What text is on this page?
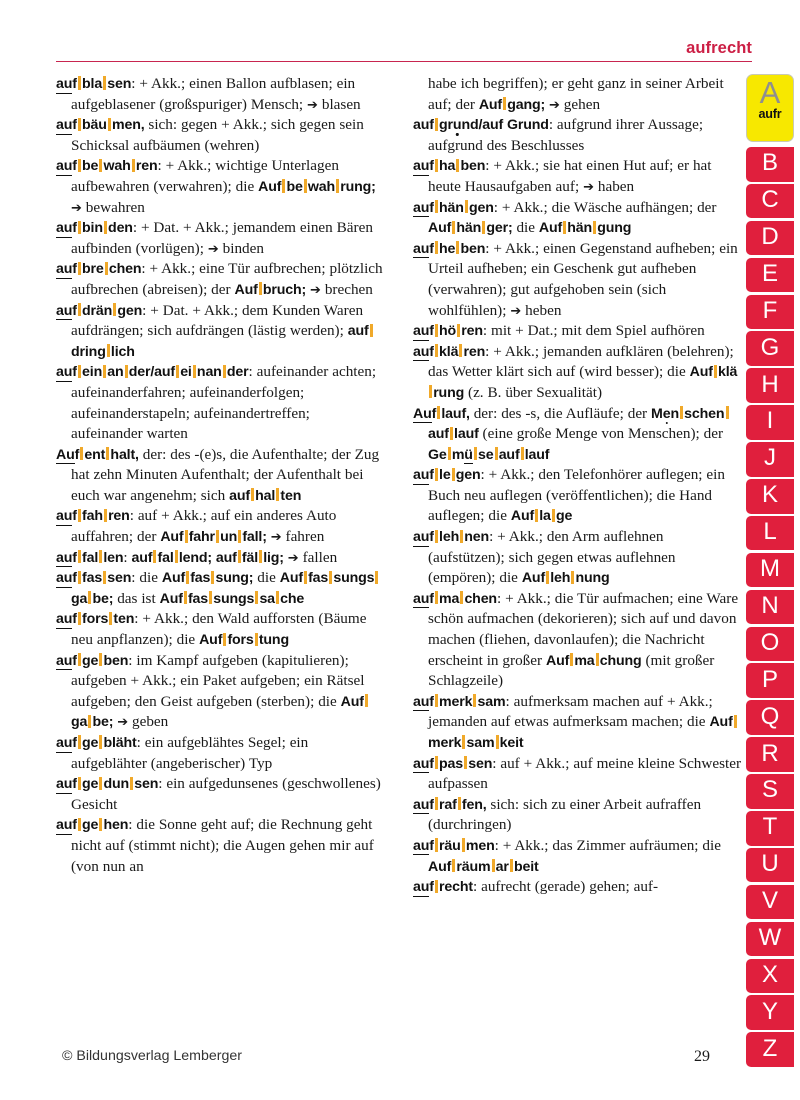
aufrecht

auf bla sen: + Akk.; einen Ballon aufblasen; ein aufgeblasener (großspuriger) Mensch; ➔ blasen

auf bäu men, sich: gegen + Akk.; sich gegen sein Schicksal aufbäumen (wehren)

auf be wah ren: + Akk.; wichtige Unterlagen aufbewahren (verwahren); die Auf be wah rung; ➔ bewahren

auf bin den: + Dat. + Akk.; jemandem einen Bären aufbinden (vorlügen); ➔ binden

auf bre chen: + Akk.; eine Tür aufbrechen; plötzlich aufbrechen (abreisen); der Auf bruch; ➔ brechen

auf drän gen: + Dat. + Akk.; dem Kunden Waren  aufdrängen; sich aufdrängen (lästig werden); aufdring lich

auf ein an der/auf ei nan der: aufeinander achten; aufeinanderfahren; aufeinanderfolgen; aufeinanderstapeln; aufeinandertreffen; aufeinander warten

Auf ent halt, der: des -(e)s, die Aufenthalte; der Zug hat zehn Minuten Aufenthalt; der Aufenthalt bei euch war angenehm; sich auf hal ten

auf fah ren: auf + Akk.; auf ein anderes Auto auffahren; der Auf fahr un fall; ➔ fahren

auf fal len: auf fal lend; auf fäl lig; ➔ fallen

auf fas sen: die Auf fas sung; die Auf fas sungsga be; das ist Auf fas sungs sa che

auf fors ten: + Akk.; den Wald aufforsten (Bäume neu anpflanzen); die Auf fors tung

auf ge ben: im Kampf aufgeben (kapitulieren); aufgeben + Akk.; ein Paket aufgeben; ein Rätsel aufgeben; den Geist aufgeben (sterben); die Aufga be; ➔ geben

auf ge bläht: ein aufgeblähtes Segel; ein aufgeblähter (angeberischer) Typ

auf ge dun sen: ein aufgedunsenes (geschwollenes) Gesicht

auf ge hen: die Sonne geht auf; die Rechnung geht nicht auf (stimmt nicht); die Augen gehen mir auf (von nun an

habe ich begriffen); er geht ganz in seiner Arbeit auf; der Auf gang; ➔ gehen

auf grund/auf Grund: aufgrund ihrer Aussage; aufgrund des Beschlusses

auf ha ben: + Akk.; sie hat einen Hut auf; er hat heute Hausaufgaben auf; ➔ haben

auf hän gen: + Akk.; die Wäsche aufhängen; der Auf hän ger; die Auf hän gung

auf he ben: + Akk.; einen Gegenstand aufheben; ein Urteil aufheben; ein Geschenk gut aufheben (verwahren); gut aufgehoben sein (sich wohlfühlen); ➔ heben

auf hö ren: mit + Dat.; mit dem Spiel aufhören

auf klä ren: + Akk.; jemanden aufklären (belehren); das Wetter klärt sich auf (wird besser); die Auf klärung (z. B. über Sexualität)

Auf lauf, der: des -s, die Aufläufe; der Men schenauf lauf (eine große Menge von Menschen); der Ge mü se auf lauf

auf le gen: + Akk.; den Telefonhörer auflegen; ein Buch neu auflegen (veröffentlichen); die Hand auflegen; die Auf la ge

auf leh nen: + Akk.; den Arm auflehnen (aufstützen); sich gegen etwas auflehnen (empören); die Auf leh nung

auf ma chen: + Akk.; die Tür aufmachen; eine Ware schön aufmachen (dekorieren); sich auf und davon machen (fliehen, davonlaufen); die Nachricht erscheint in großer Auf ma chung (mit großer Schlagzeile)

auf merk sam: aufmerksam machen auf + Akk.; jemanden auf etwas aufmerksam machen; die Aufmerk sam keit

auf pas sen: auf + Akk.; auf meine kleine Schwester aufpassen

auf raf fen, sich: sich zu einer Arbeit aufraffen (durchringen)

auf räu men: + Akk.; das Zimmer aufräumen; die Auf räum ar beit

auf recht: aufrecht (gerade) gehen; auf-

A
aufr
B
C
D
E
F
G
H
I
J
K
L
M
N
O
P
Q
R
S
T
U
V
W
X
Y
Z
© Bildungsverlag Lemberger	29
